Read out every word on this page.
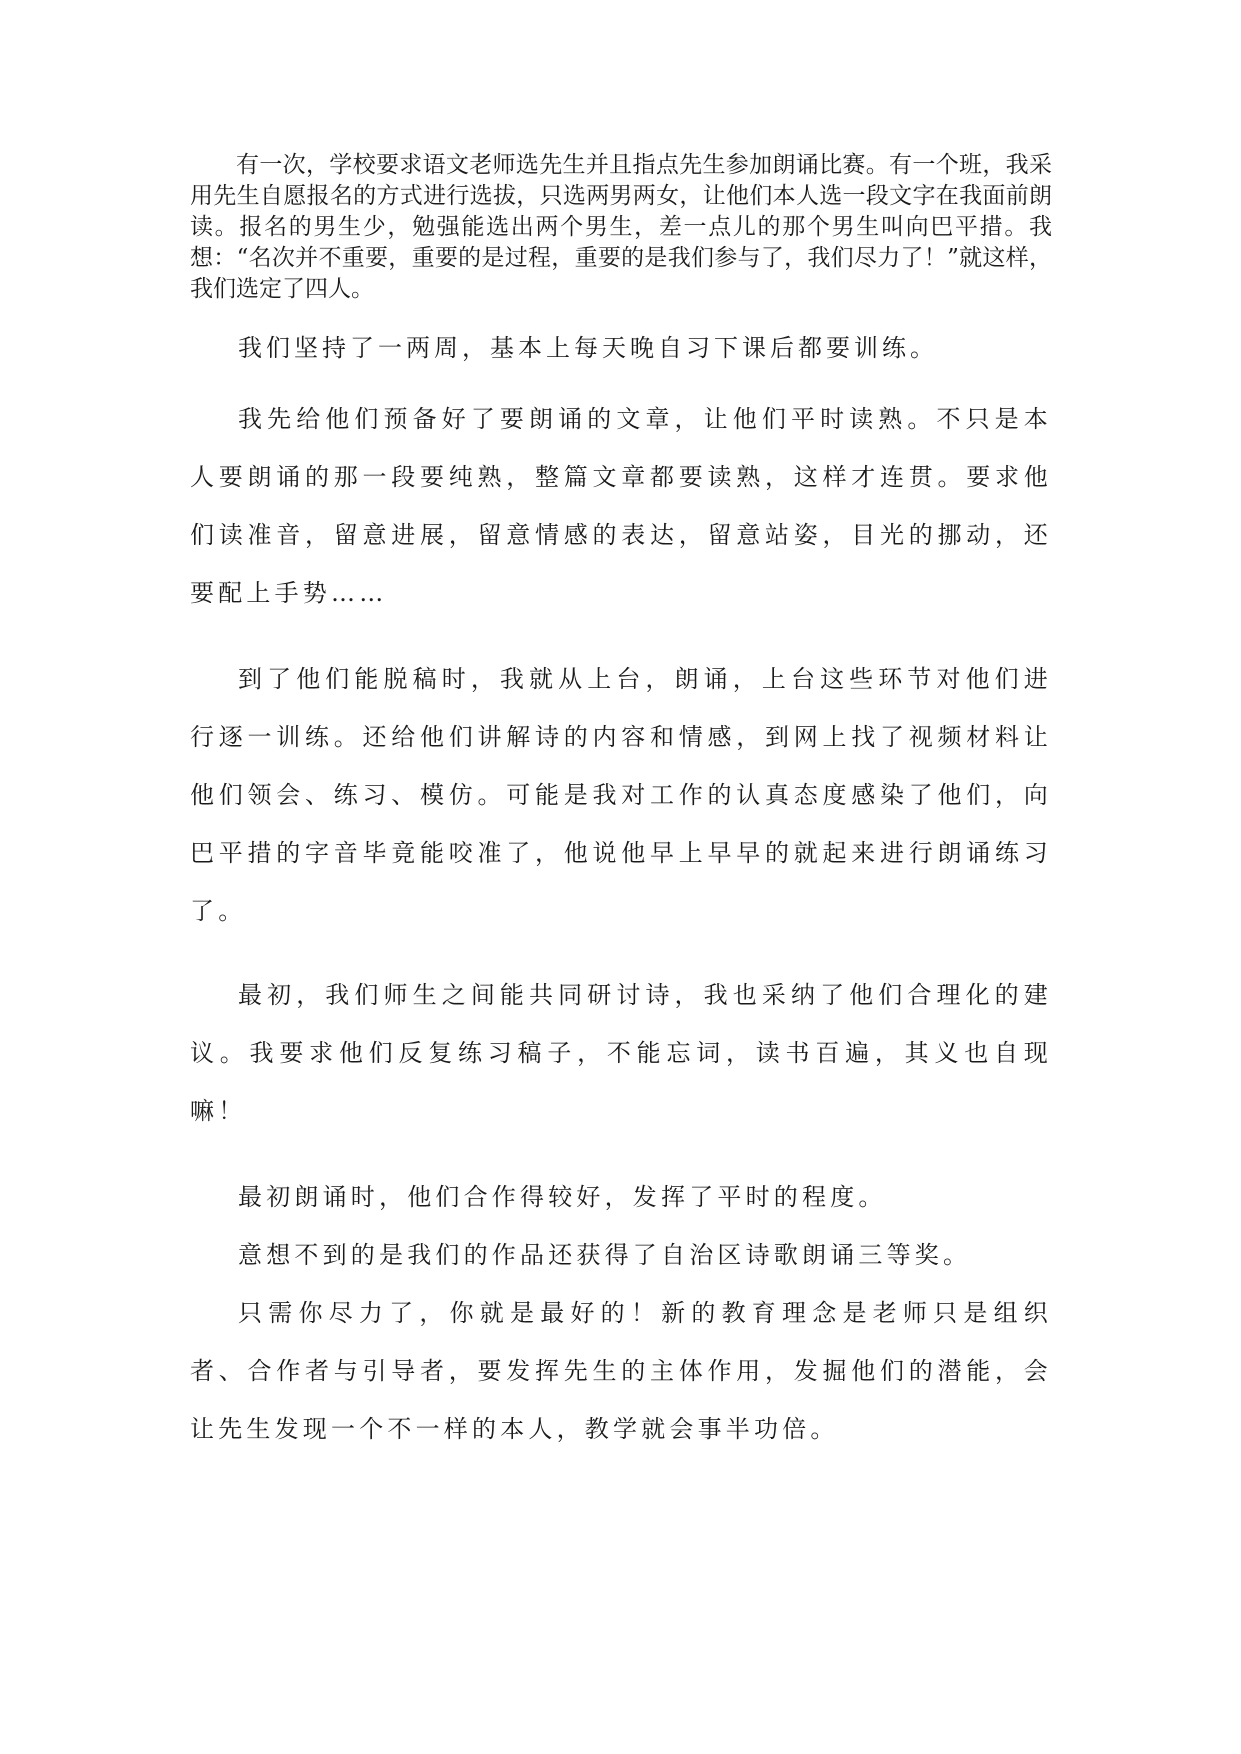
有一次，学校要求语文老师选先生并且指点先生参加朗诵比赛。有一个班，我采用先生自愿报名的方式进行选拔，只选两男两女，让他们本人选一段文字在我面前朗读。报名的男生少，勉强能选出两个男生，差一点儿的那个男生叫向巴平措。我想：“名次并不重要，重要的是过程，重要的是我们参与了，我们尽力了！”就这样，我们选定了四人。

我们坚持了一两周，基本上每天晚自习下课后都要训练。

我先给他们预备好了要朗诵的文章，让他们平时读熟。不只是本人要朗诵的那一段要纯熟，整篇文章都要读熟，这样才连贯。要求他们读准音，留意进展，留意情感的表达，留意站姿，目光的挪动，还要配上手势……

到了他们能脱稿时，我就从上台，朗诵，上台这些环节对他们进行逐一训练。还给他们讲解诗的内容和情感，到网上找了视频材料让他们领会、练习、模仿。可能是我对工作的认真态度感染了他们，向巴平措的字音毕竟能咬准了，他说他早上早早的就起来进行朗诵练习了。

最初，我们师生之间能共同研讨诗，我也采纳了他们合理化的建议。我要求他们反复练习稿子，不能忘词，读书百遍，其义也自现嘛！

最初朗诵时，他们合作得较好，发挥了平时的程度。

意想不到的是我们的作品还获得了自治区诗歌朗诵三等奖。

只需你尽力了，你就是最好的！新的教育理念是老师只是组织者、合作者与引导者，要发挥先生的主体作用，发掘他们的潜能，会让先生发现一个不一样的本人，教学就会事半功倍。
